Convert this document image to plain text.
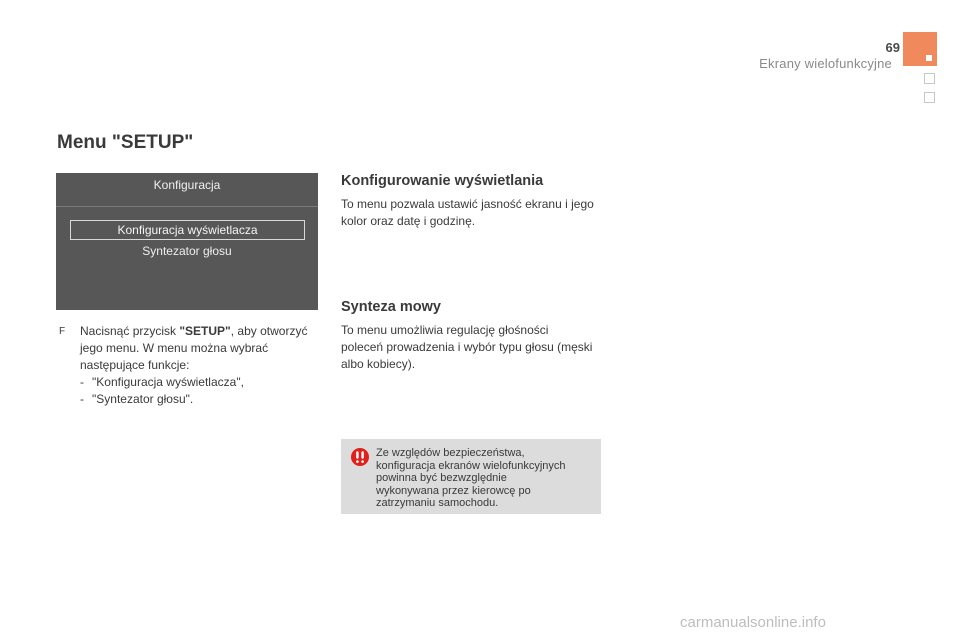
69
Ekrany wielofunkcyjne
Menu "SETUP"
Konfiguracja
Konfiguracja wyświetlacza
Syntezator głosu
F Nacisnąć przycisk "SETUP", aby otworzyć
jego menu. W menu można wybrać
następujące funkcje:
- "Konfiguracja wyświetlacza",
- "Syntezator głosu".
Konfigurowanie wyświetlania
To menu pozwala ustawić jasność ekranu i jego
kolor oraz datę i godzinę.
Synteza mowy
To menu umożliwia regulację głośności
poleceń prowadzenia i wybór typu głosu (męski
albo kobiecy).
Ze względów bezpieczeństwa,
konfiguracja ekranów wielofunkcyjnych
powinna być bezwzględnie
wykonywana przez kierowcę po
zatrzymaniu samochodu.
carmanualsonline.info
